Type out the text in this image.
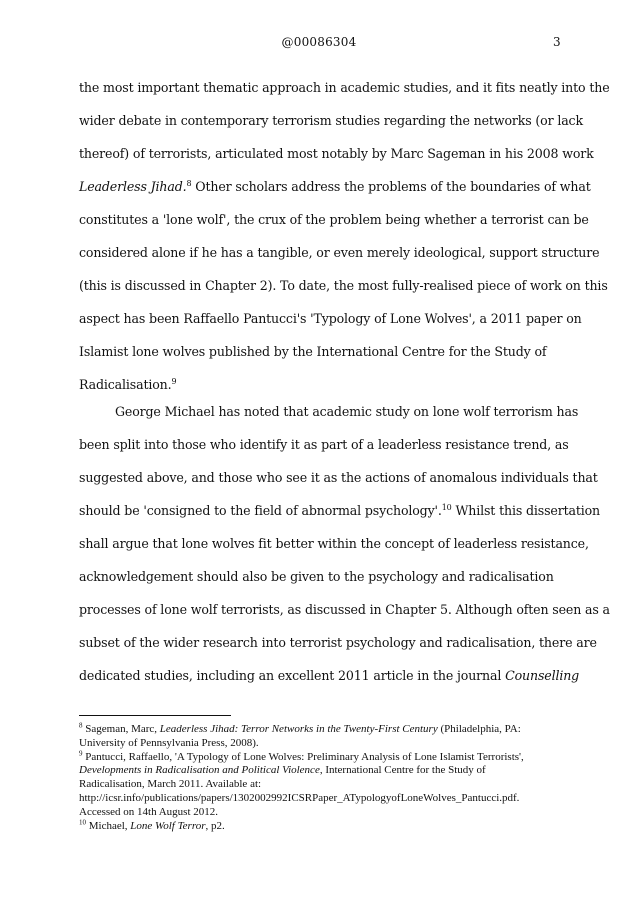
@00086304	3
the most important thematic approach in academic studies, and it fits neatly into the
wider debate in contemporary terrorism studies regarding the networks (or lack
thereof) of terrorists, articulated most notably by Marc Sageman in his 2008 work
Leaderless Jihad.$^8$ Other scholars address the problems of the boundaries of what
constitutes a 'lone wolf', the crux of the problem being whether a terrorist can be
considered alone if he has a tangible, or even merely ideological, support structure
(this is discussed in Chapter 2). To date, the most fully-realised piece of work on this
aspect has been Raffaello Pantucci's 'Typology of Lone Wolves', a 2011 paper on
Islamist lone wolves published by the International Centre for the Study of
Radicalisation.$^9$
George Michael has noted that academic study on lone wolf terrorism has
been split into those who identify it as part of a leaderless resistance trend, as
suggested above, and those who see it as the actions of anomalous individuals that
should be 'consigned to the field of abnormal psychology'.$^{10}$ Whilst this dissertation
shall argue that lone wolves fit better within the concept of leaderless resistance,
acknowledgement should also be given to the psychology and radicalisation
processes of lone wolf terrorists, as discussed in Chapter 5. Although often seen as a
subset of the wider research into terrorist psychology and radicalisation, there are
dedicated studies, including an excellent 2011 article in the journal Counselling
$^8$ Sageman, Marc, Leaderless Jihad: Terror Networks in the Twenty-First Century (Philadelphia, PA:
University of Pennsylvania Press, 2008).
$^9$ Pantucci, Raffaello, 'A Typology of Lone Wolves: Preliminary Analysis of Lone Islamist Terrorists',
Developments in Radicalisation and Political Violence, International Centre for the Study of
Radicalisation, March 2011. Available at:
http://icsr.info/publications/papers/1302002992ICSRPaper_ATypologyofLoneWolves_Pantucci.pdf.
Accessed on 14th August 2012.
$^{10}$ Michael, Lone Wolf Terror, p2.
